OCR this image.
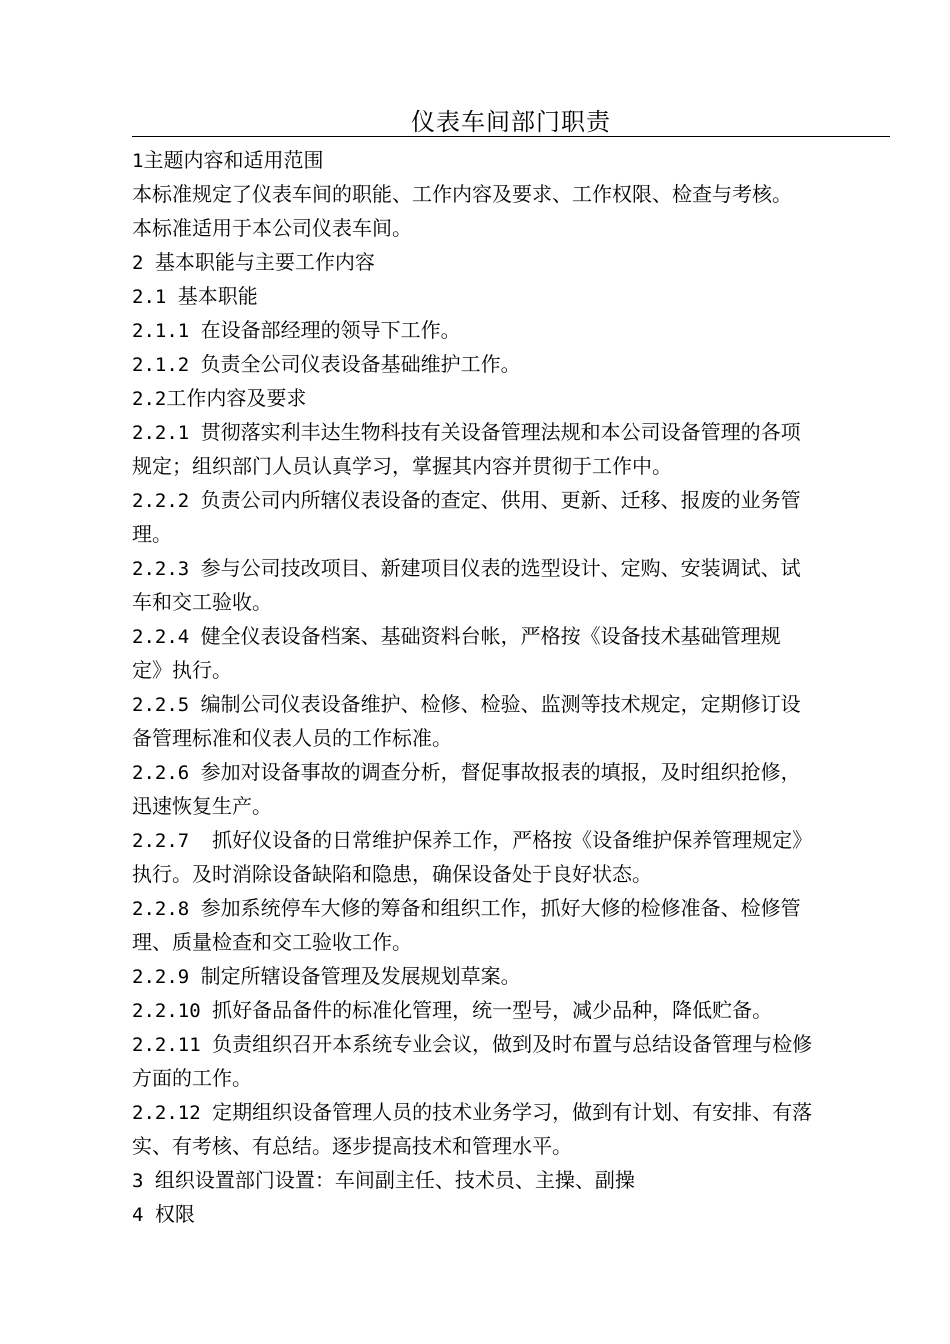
仪表车间部门职责
1主题内容和适用范围
本标准规定了仪表车间的职能、工作内容及要求、工作权限、检查与考核。
本标准适用于本公司仪表车间。
2 基本职能与主要工作内容
2.1 基本职能
2.1.1 在设备部经理的领导下工作。
2.1.2 负责全公司仪表设备基础维护工作。
2.2工作内容及要求
2.2.1 贯彻落实利丰达生物科技有关设备管理法规和本公司设备管理的各项
规定；组织部门人员认真学习，掌握其内容并贯彻于工作中。
2.2.2 负责公司内所辖仪表设备的查定、供用、更新、迁移、报废的业务管
理。
2.2.3 参与公司技改项目、新建项目仪表的选型设计、定购、安装调试、试
车和交工验收。
2.2.4 健全仪表设备档案、基础资料台帐，严格按《设备技术基础管理规
定》执行。
2.2.5 编制公司仪表设备维护、检修、检验、监测等技术规定，定期修订设
备管理标准和仪表人员的工作标准。
2.2.6 参加对设备事故的调查分析，督促事故报表的填报，及时组织抢修，
迅速恢复生产。
2.2.7  抓好仪设备的日常维护保养工作，严格按《设备维护保养管理规定》
执行。及时消除设备缺陷和隐患，确保设备处于良好状态。
2.2.8 参加系统停车大修的筹备和组织工作，抓好大修的检修准备、检修管
理、质量检查和交工验收工作。
2.2.9 制定所辖设备管理及发展规划草案。
2.2.10 抓好备品备件的标准化管理，统一型号，减少品种，降低贮备。
2.2.11 负责组织召开本系统专业会议，做到及时布置与总结设备管理与检修
方面的工作。
2.2.12 定期组织设备管理人员的技术业务学习，做到有计划、有安排、有落
实、有考核、有总结。逐步提高技术和管理水平。
3 组织设置部门设置：车间副主任、技术员、主操、副操
4 权限
